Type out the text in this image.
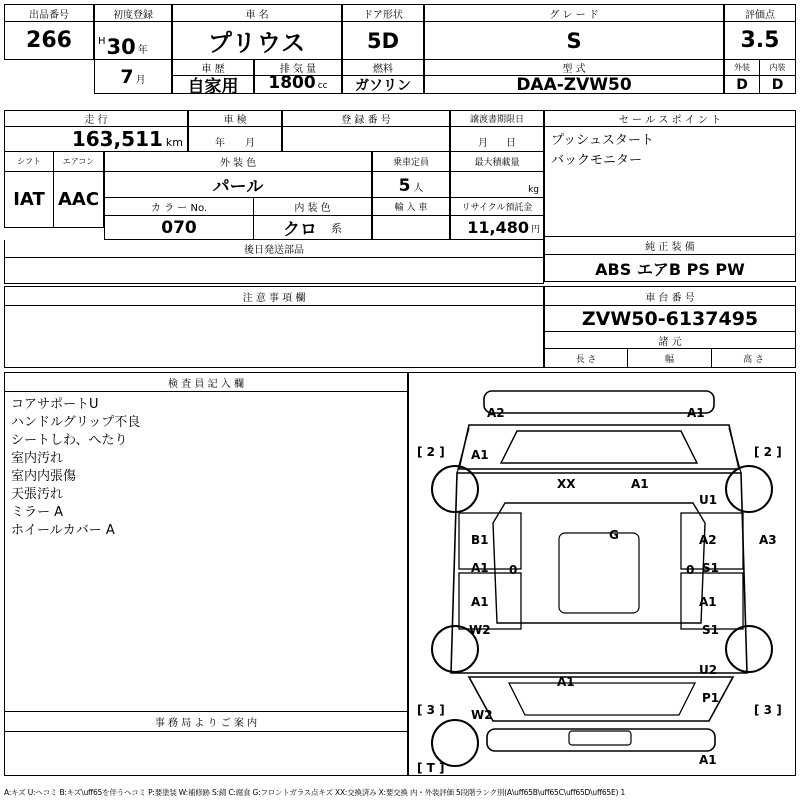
出品番号
266
初度登録
H 30 年
車 名
プリウス
ドア形状
5D
グ レ ー ド
S
評価点
3.5
7 月
車 歴
自家用
排 気 量
1800 cc
燃料
ガソリン
型 式
DAA-ZVW50
外装	内装
D	D
走 行
163,511 km
車 検
年 月
登 録 番 号	譲渡書期限日
月 日
セ ー ル ス ポ イ ン ト
プッシュスタート
バックモニター
シフト	エアコン	外 装 色
パール
乗車定員
5 人
最大積載量
kg
IAT AAC	カ ラ ー No.
070
内 装 色
クロ 系
輸 入 車	リサイクル預託金
11,480 円
後日発送部品	純 正 装 備
ABS エアB PS PW
注 意 事 項 欄	車 台 番 号
ZVW50-6137495
諸 元
長 さ	幅	高 さ
検 査 員 記 入 欄
コアサポートU
ハンドルグリップ不良
シートしわ、へたり
室内汚れ
室内内張傷
天張汚れ
ミラー A
ホイールカバー A
事 務 局 よ り ご 案 内
A2	A1
[ 2 ] A1	[ 2 ]
XX	A1
U1
B1	G	A2	A3
A1 0	0 S1
A1	A1
W2	S1
U2
A1
P1
[ 3 ] W2	[ 3 ]
[ T ]
A1
A:キズ U:ヘコミ B:キズ\uff65を伴うヘコミ P:要塗装 W:補修跡 S:錆 C:腐食 G:フロントガラス点キズ XX:交換済み X:要交換 内・外装評価 5段階ランク別(A\uff65B\uff65C\uff65D\uff65E) 1
